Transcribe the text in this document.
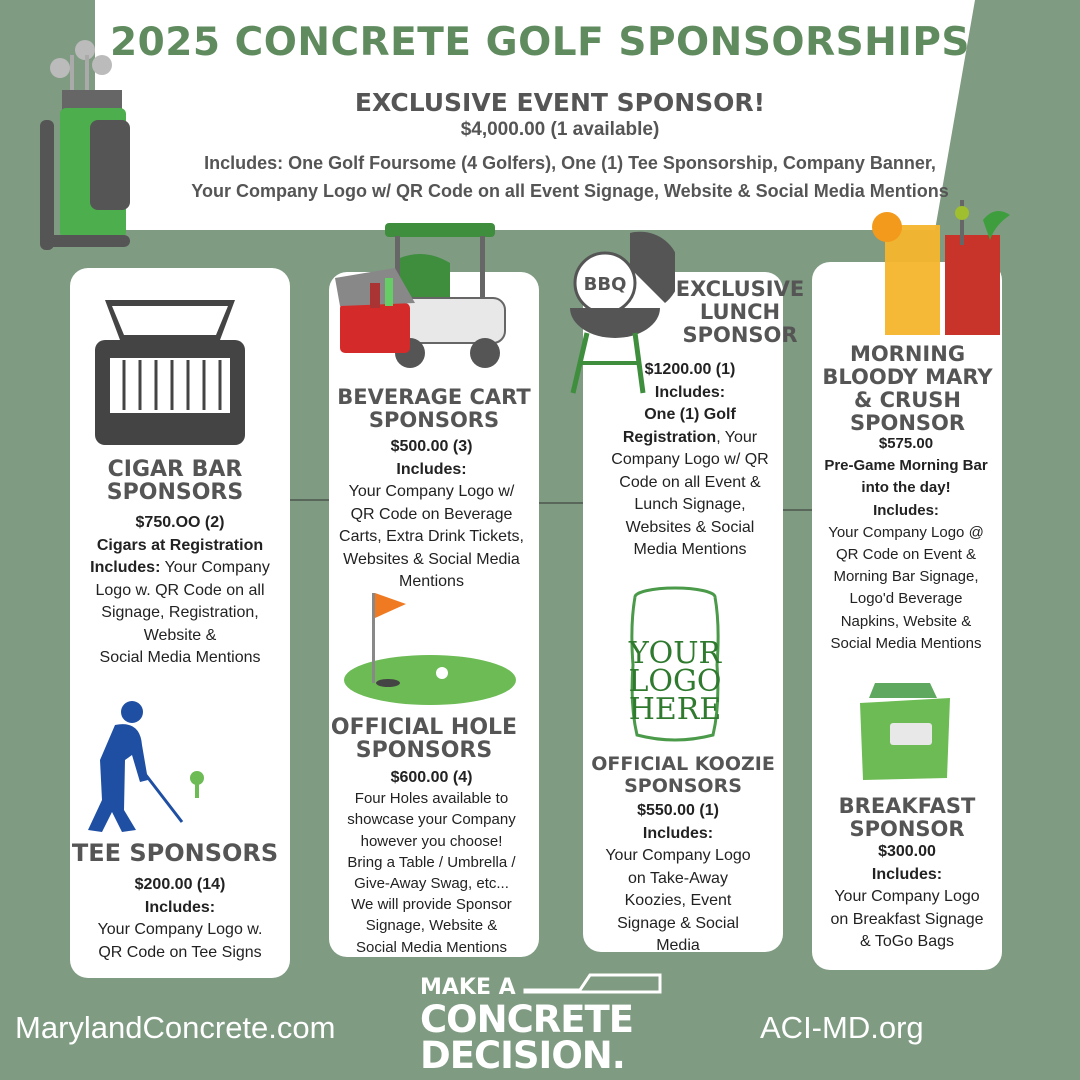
2025 CONCRETE GOLF SPONSORSHIPS
EXCLUSIVE EVENT SPONSOR!
$4,000.00 (1 available)
Includes: One Golf Foursome (4 Golfers), One (1) Tee Sponsorship, Company Banner,
Your Company Logo w/ QR Code on all Event Signage, Website & Social Media Mentions
CIGAR BAR
SPONSORS
$750.OO (2)
Cigars at Registration
Includes: Your Company
Logo w. QR Code on all
Signage, Registration,
Website &
Social Media Mentions
TEE SPONSORS
$200.00 (14)
Includes:
Your Company Logo w.
QR Code on Tee Signs
BEVERAGE CART
SPONSORS
$500.00 (3)
Includes:
Your Company Logo w/
QR Code on Beverage
Carts, Extra Drink Tickets,
Websites & Social Media
Mentions
OFFICIAL HOLE
SPONSORS
$600.00 (4)
Four Holes available to
showcase your Company
however you choose!
Bring a Table / Umbrella /
Give-Away Swag, etc...
We will provide Sponsor
Signage, Website &
Social Media Mentions
BBQ	EXCLUSIVE
LUNCH
SPONSOR
$1200.00 (1)
Includes:
One (1) Golf
Registration, Your
Company Logo w/ QR
Code on all Event &
Lunch Signage,
Websites & Social
Media Mentions
YOUR
LOGO
HERE
OFFICIAL KOOZIE
SPONSORS
$550.00 (1)
Includes:
Your Company Logo
on Take-Away
Koozies, Event
Signage & Social
Media
MORNING
BLOODY MARY
& CRUSH
SPONSOR
$575.00
Pre-Game Morning Bar
into the day!
Includes:
Your Company Logo @
QR Code on Event &
Morning Bar Signage,
Logo'd Beverage
Napkins, Website &
Social Media Mentions
BREAKFAST
SPONSOR
$300.00
Includes:
Your Company Logo
on Breakfast Signage
& ToGo Bags
MarylandConcrete.com	ACI-MD.org
MAKE A
CONCRETE
DECISION.
